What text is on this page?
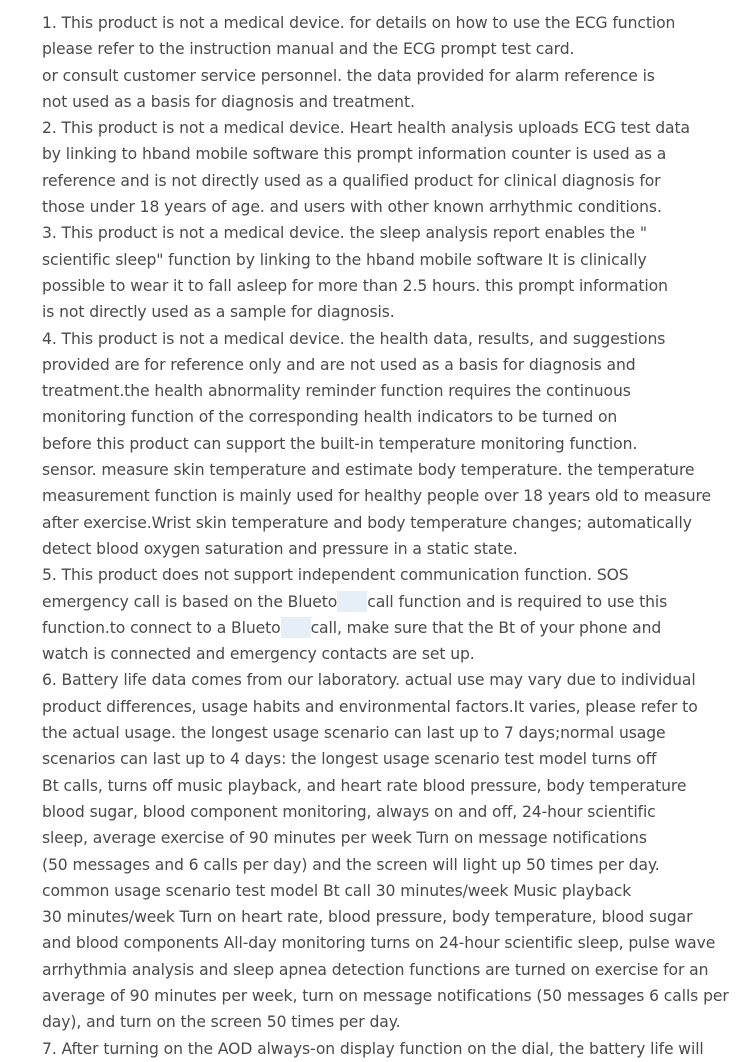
1. This product is not a medical device. for details on how to use the ECG function
please refer to the instruction manual and the ECG prompt test card.
or consult customer service personnel. the data provided for alarm reference is
not used as a basis for diagnosis and treatment.
2. This product is not a medical device. Heart health analysis uploads ECG test data
by linking to hband mobile software this prompt information counter is used as a
reference and is not directly used as a qualified product for clinical diagnosis for
those under 18 years of age. and users with other known arrhythmic conditions.
3. This product is not a medical device. the sleep analysis report enables the "
scientific sleep" function by linking to the hband mobile software It is clinically
possible to wear it to fall asleep for more than 2.5 hours. this prompt information
is not directly used as a sample for diagnosis.
4. This product is not a medical device. the health data, results, and suggestions
provided are for reference only and are not used as a basis for diagnosis and
treatment.the health abnormality reminder function requires the continuous
monitoring function of the corresponding health indicators to be turned on
before this product can support the built-in temperature monitoring function.
sensor. measure skin temperature and estimate body temperature. the temperature
measurement function is mainly used for healthy people over 18 years old to measure
after exercise.Wrist skin temperature and body temperature changes; automatically
detect blood oxygen saturation and pressure in a static state.
5. This product does not support independent communication function. SOS
emergency call is based on the Blueto call function and is required to use this
function.to connect to a Blueto call, make sure that the Bt of your phone and
watch is connected and emergency contacts are set up.
6. Battery life data comes from our laboratory. actual use may vary due to individual
product differences, usage habits and environmental factors.It varies, please refer to
the actual usage. the longest usage scenario can last up to 7 days;normal usage
scenarios can last up to 4 days: the longest usage scenario test model turns off
Bt calls, turns off music playback, and heart rate blood pressure, body temperature
blood sugar, blood component monitoring, always on and off, 24-hour scientific
sleep, average exercise of 90 minutes per week Turn on message notifications
(50 messages and 6 calls per day) and the screen will light up 50 times per day.
common usage scenario test model Bt call 30 minutes/week Music playback
30 minutes/week Turn on heart rate, blood pressure, body temperature, blood sugar
and blood components All-day monitoring turns on 24-hour scientific sleep, pulse wave
arrhythmia analysis and sleep apnea detection functions are turned on exercise for an
average of 90 minutes per week, turn on message notifications (50 messages 6 calls per
day), and turn on the screen 50 times per day.
7. After turning on the AOD always-on display function on the dial, the battery life will
